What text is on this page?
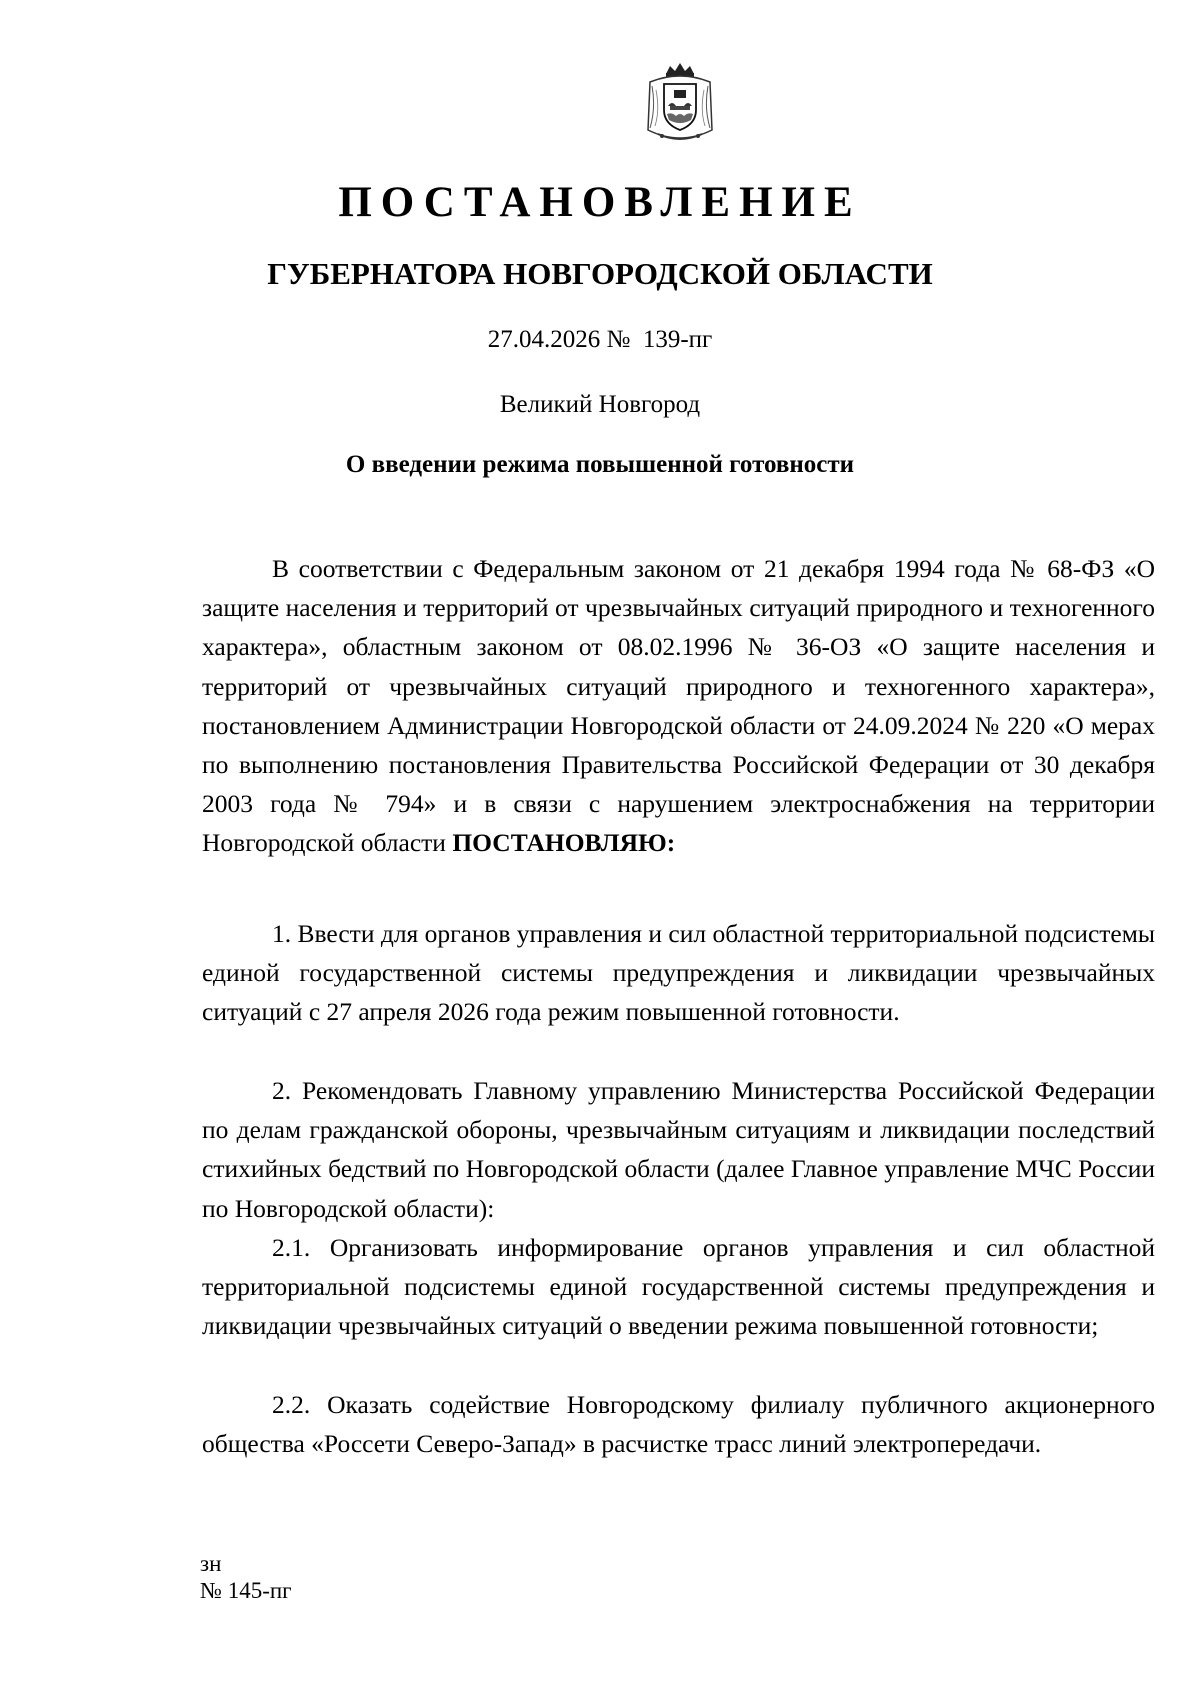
ПОСТАНОВЛЕНИЕ
ГУБЕРНАТОРА НОВГОРОДСКОЙ ОБЛАСТИ
27.04.2026 № 139-пг
Великий Новгород
О введении режима повышенной готовности
В соответствии с Федеральным законом от 21 декабря 1994 года № 68-ФЗ «О защите населения и территорий от чрезвычайных ситуаций природного и техногенного характера», областным законом от 08.02.1996 № 36-ОЗ «О защите населения и территорий от чрезвычайных ситуаций природного и техногенного характера», постановлением Администрации Новгородской области от 24.09.2024 № 220 «О мерах по выполнению постановления Правительства Российской Федерации от 30 декабря 2003 года № 794» и в связи с нарушением электроснабжения на территории Новгородской области ПОСТАНОВЛЯЮ:
1. Ввести для органов управления и сил областной территориальной подсистемы единой государственной системы предупреждения и ликвидации чрезвычайных ситуаций с 27 апреля 2026 года режим повышенной готовности.
2. Рекомендовать Главному управлению Министерства Российской Федерации по делам гражданской обороны, чрезвычайным ситуациям и ликвидации последствий стихийных бедствий по Новгородской области (далее Главное управление МЧС России по Новгородской области):
2.1. Организовать информирование органов управления и сил областной территориальной подсистемы единой государственной системы предупреждения и ликвидации чрезвычайных ситуаций о введении режима повышенной готовности;
2.2. Оказать содействие Новгородскому филиалу публичного акционерного общества «Россети Северо-Запад» в расчистке трасс линий электропередачи.
зн
№ 145-пг
